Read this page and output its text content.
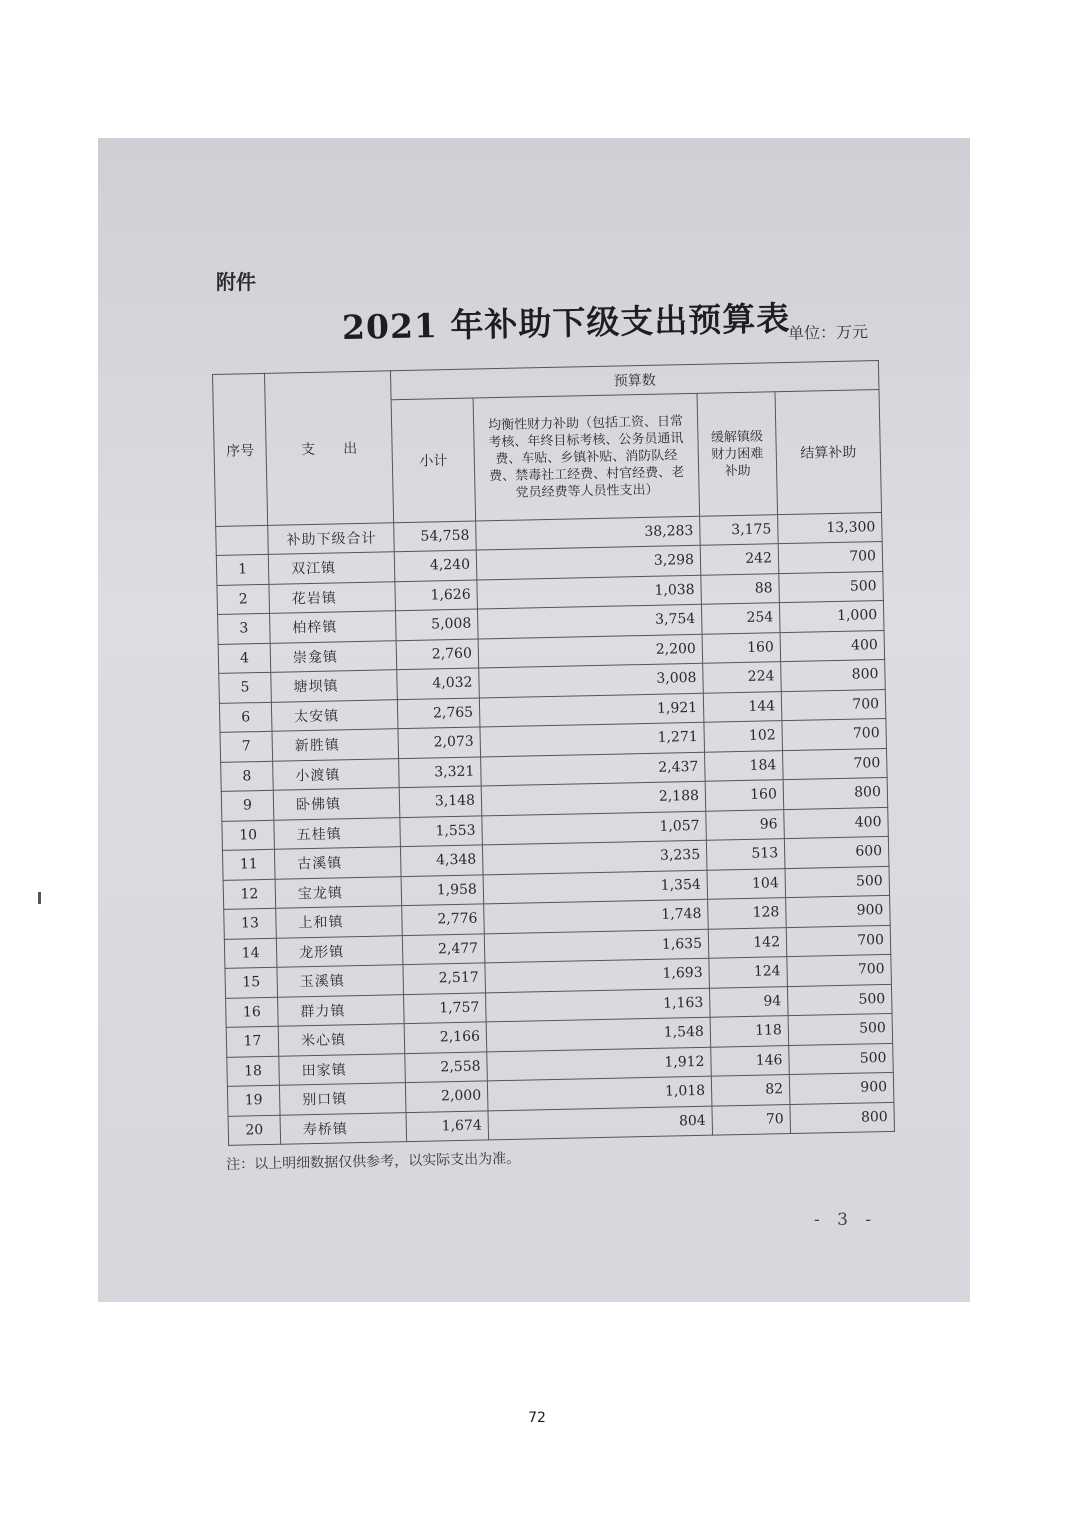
附件
2021 年补助下级支出预算表
单位：万元
序号	支　　出	预算数			
		小计	均衡性财力补助（包括工资、日常考核、年终目标考核、公务员通讯费、车贴、乡镇补贴、消防队经费、禁毒社工经费、村官经费、老党员经费等人员性支出）	缓解镇级财力困难补助	结算补助
	补助下级合计	54,758	38,283	3,175	13,300
1	双江镇	4,240	3,298	242	700
2	花岩镇	1,626	1,038	88	500
3	柏梓镇	5,008	3,754	254	1,000
4	崇龛镇	2,760	2,200	160	400
5	塘坝镇	4,032	3,008	224	800
6	太安镇	2,765	1,921	144	700
7	新胜镇	2,073	1,271	102	700
8	小渡镇	3,321	2,437	184	700
9	卧佛镇	3,148	2,188	160	800
10	五桂镇	1,553	1,057	96	400
11	古溪镇	4,348	3,235	513	600
12	宝龙镇	1,958	1,354	104	500
13	上和镇	2,776	1,748	128	900
14	龙形镇	2,477	1,635	142	700
15	玉溪镇	2,517	1,693	124	700
16	群力镇	1,757	1,163	94	500
17	米心镇	2,166	1,548	118	500
18	田家镇	2,558	1,912	146	500
19	别口镇	2,000	1,018	82	900
20	寿桥镇	1,674	804	70	800
注：以上明细数据仅供参考，以实际支出为准。
- 3 -
72
